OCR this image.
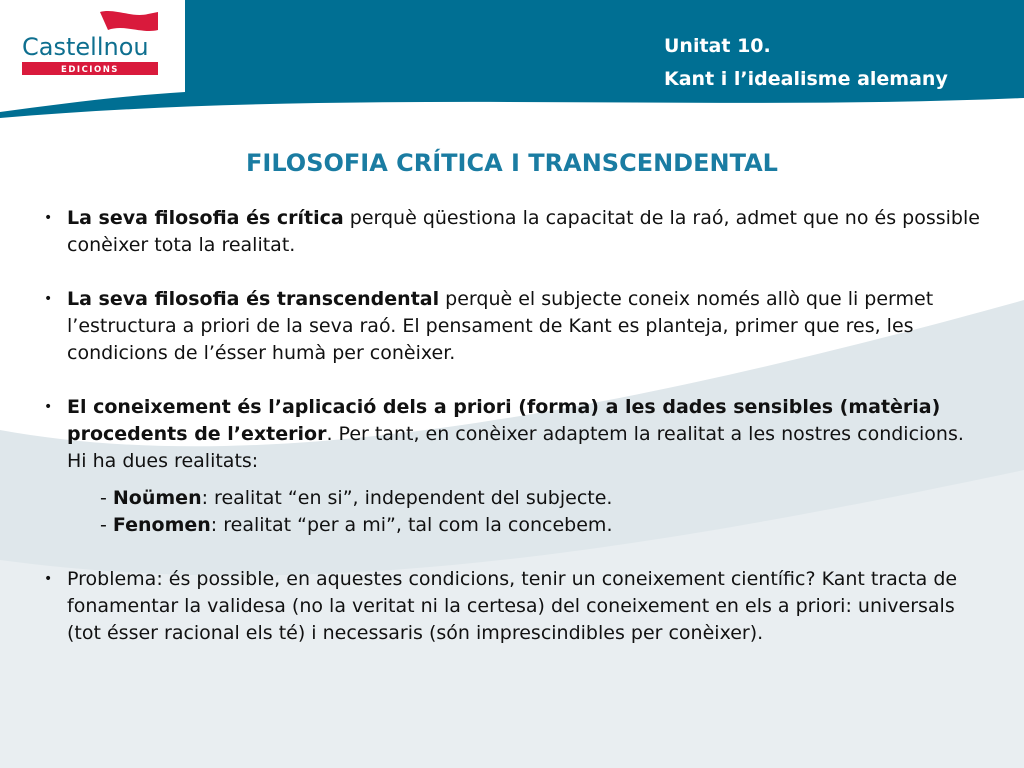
Castellnou
EDICIONS
Unitat 10.
Kant i l’idealisme alemany
FILOSOFIA CRÍTICA I TRANSCENDENTAL
• La seva filosofia és crítica perquè qüestiona la capacitat de la raó, admet que no és possible conèixer tota la realitat.
• La seva filosofia és transcendental perquè el subjecte coneix només allò que li permet l’estructura a priori de la seva raó. El pensament de Kant es planteja, primer que res, les condicions de l’ésser humà per conèixer.
• El coneixement és l’aplicació dels a priori (forma) a les dades sensibles (matèria) procedents de l’exterior. Per tant, en conèixer adaptem la realitat a les nostres condicions. Hi ha dues realitats:
- Noümen: realitat “en si”, independent del subjecte.
- Fenomen: realitat “per a mi”, tal com la concebem.
• Problema: és possible, en aquestes condicions, tenir un coneixement científic? Kant tracta de fonamentar la validesa (no la veritat ni la certesa) del coneixement en els a priori: universals (tot ésser racional els té) i necessaris (són imprescindibles per conèixer).
